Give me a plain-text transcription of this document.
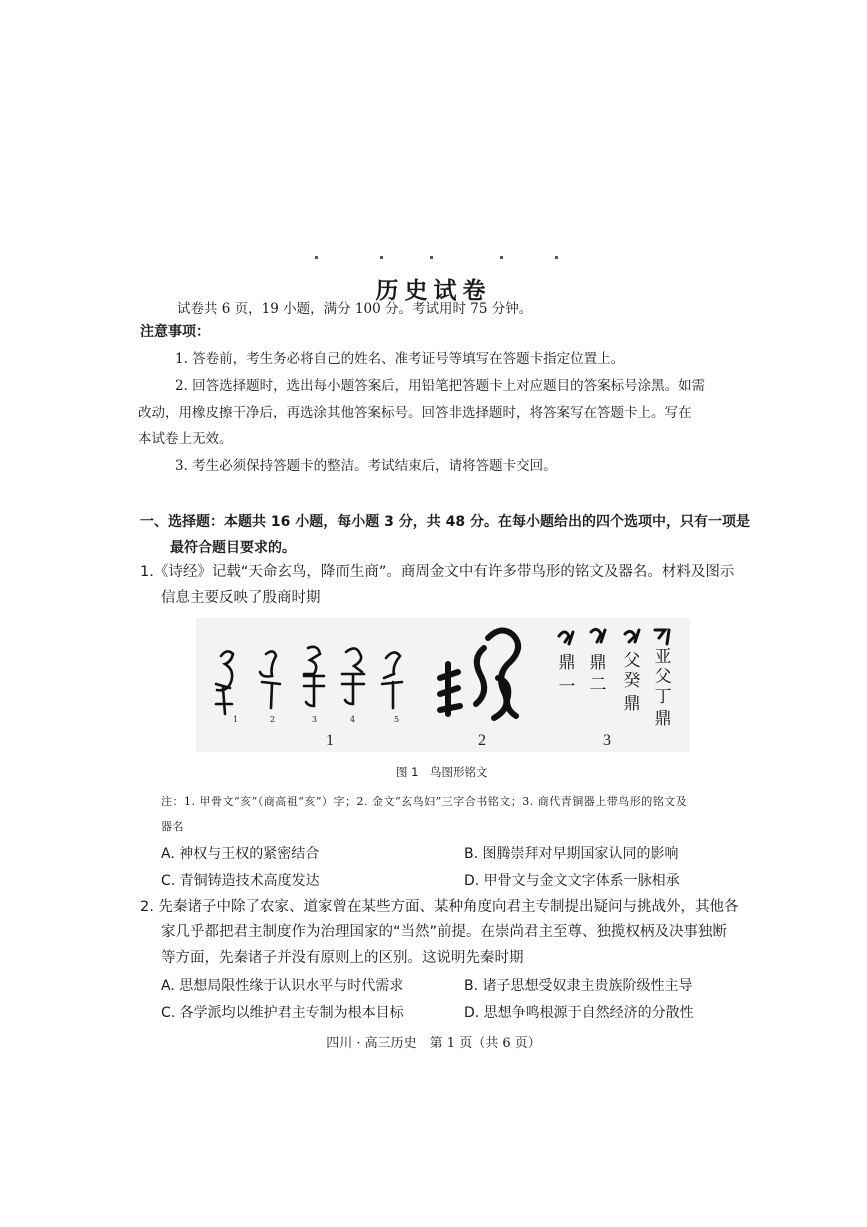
历史试卷
试卷共 6 页，19 小题，满分 100 分。考试用时 75 分钟。
注意事项：
1. 答卷前，考生务必将自己的姓名、准考证号等填写在答题卡指定位置上。
2. 回答选择题时，选出每小题答案后，用铅笔把答题卡上对应题目的答案标号涂黑。如需
改动，用橡皮擦干净后，再选涂其他答案标号。回答非选择题时，将答案写在答题卡上。写在
本试卷上无效。
3. 考生必须保持答题卡的整洁。考试结束后，请将答题卡交回。
一、选择题：本题共 16 小题，每小题 3 分，共 48 分。在每小题给出的四个选项中，只有一项是
最符合题目要求的。
1.《诗经》记载“天命玄鸟，降而生商”。商周金文中有许多带鸟形的铭文及器名。材料及图示
信息主要反映了殷商时期
1	2	3	4	5
鼎
一
鼎
二
父
癸
鼎
亚
父
丁
鼎
1	2	3
图 1　鸟图形铭文
注：1. 甲骨文“亥”（商高祖“亥”）字；2. 金文“玄鸟妇”三字合书铭文；3. 商代青铜器上带鸟形的铭文及
器名
A. 神权与王权的紧密结合	B. 图腾崇拜对早期国家认同的影响
C. 青铜铸造技术高度发达	D. 甲骨文与金文文字体系一脉相承
2. 先秦诸子中除了农家、道家曾在某些方面、某种角度向君主专制提出疑问与挑战外，其他各
家几乎都把君主制度作为治理国家的“当然”前提。在崇尚君主至尊、独揽权柄及决事独断
等方面，先秦诸子并没有原则上的区别。这说明先秦时期
A. 思想局限性缘于认识水平与时代需求	B. 诸子思想受奴隶主贵族阶级性主导
C. 各学派均以维护君主专制为根本目标	D. 思想争鸣根源于自然经济的分散性
四川 · 高三历史　第 1 页（共 6 页）
